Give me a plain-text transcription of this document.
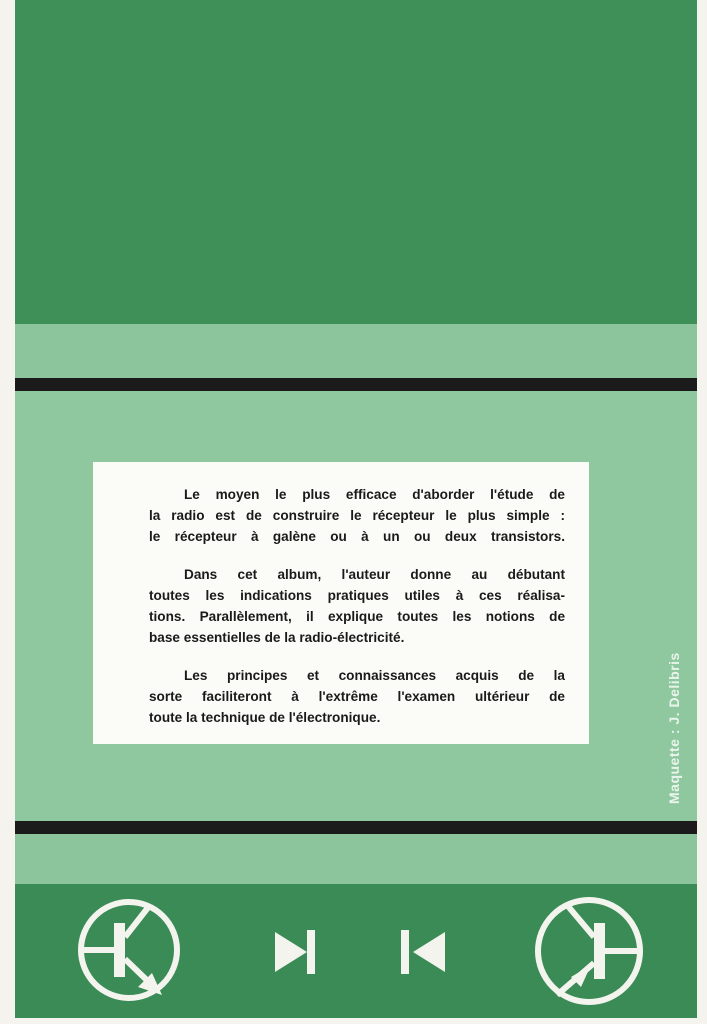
Le moyen le plus efficace d'aborder l'étude de
la radio est de construire le récepteur le plus simple :
le récepteur à galène ou à un ou deux transistors.

Dans cet album, l'auteur donne au débutant
toutes les indications pratiques utiles à ces réalisa-
tions. Parallèlement, il explique toutes les notions de
base essentielles de la radio-électricité.

Les principes et connaissances acquis de la
sorte faciliteront à l'extrême l'examen ultérieur de
toute la technique de l'électronique.	Maquette : J. Delibris
